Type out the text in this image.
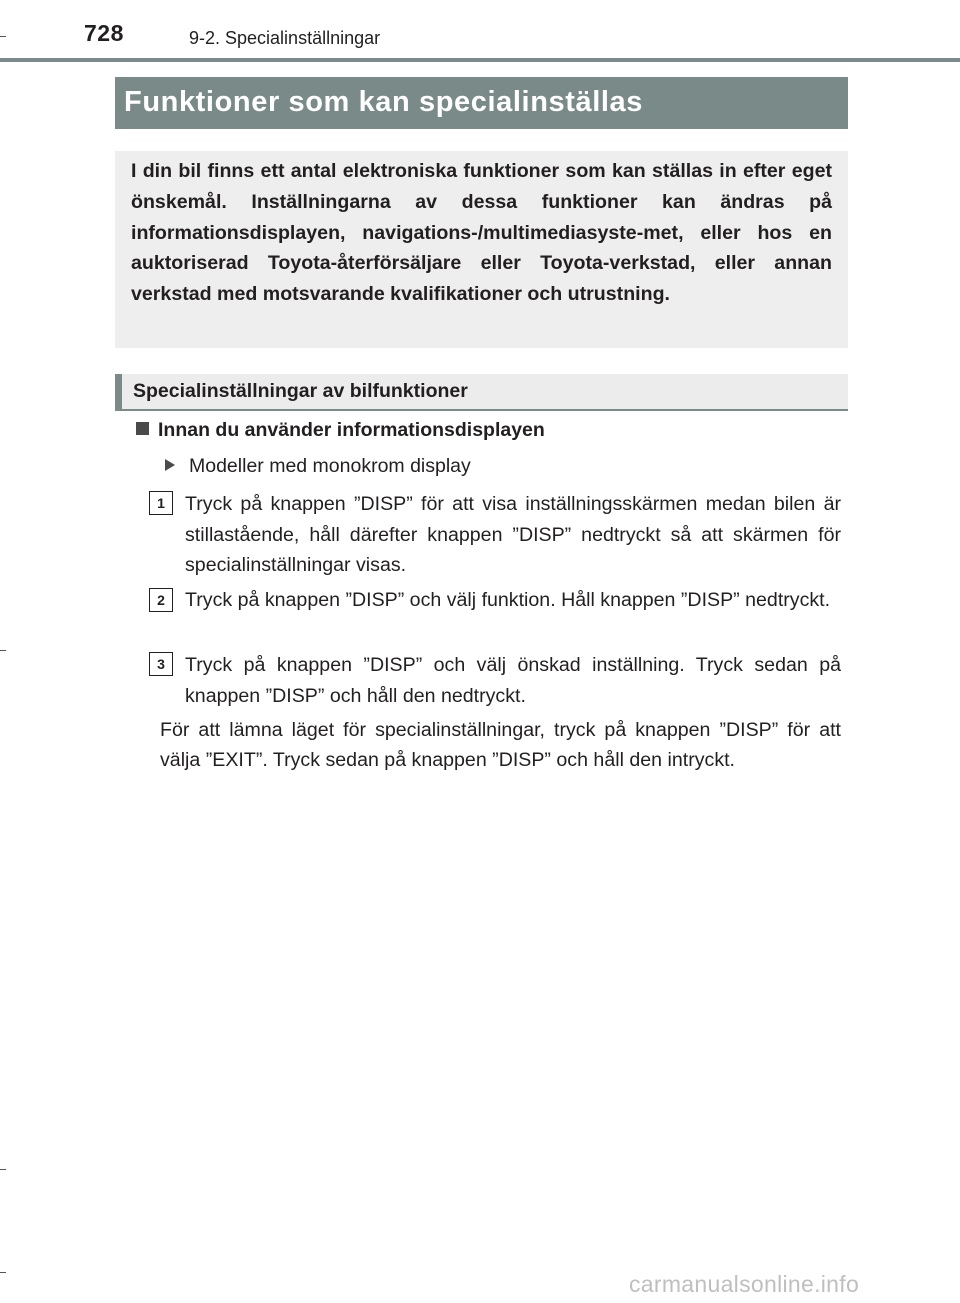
728	9-2. Specialinställningar
Funktioner som kan specialinställas

I din bil finns ett antal elektroniska funktioner som kan ställas in efter eget önskemål. Inställningarna av dessa funktioner kan ändras på informationsdisplayen, navigations-/multimediasyste-met, eller hos en auktoriserad Toyota-återförsäljare eller Toyota-verkstad, eller annan verkstad med motsvarande kvalifikationer och utrustning.

Specialinställningar av bilfunktioner
Innan du använder informationsdisplayen
Modeller med monokrom display
1	Tryck på knappen ”DISP” för att visa inställningsskärmen medan bilen är stillastående, håll därefter knappen ”DISP” nedtryckt så att skärmen för specialinställningar visas.
2	Tryck på knappen ”DISP” och välj funktion. Håll knappen ”DISP” nedtryckt.
3	Tryck på knappen ”DISP” och välj önskad inställning. Tryck sedan på knappen ”DISP” och håll den nedtryckt.
För att lämna läget för specialinställningar, tryck på knappen ”DISP” för att välja ”EXIT”. Tryck sedan på knappen ”DISP” och håll den intryckt.
carmanualsonline.info
